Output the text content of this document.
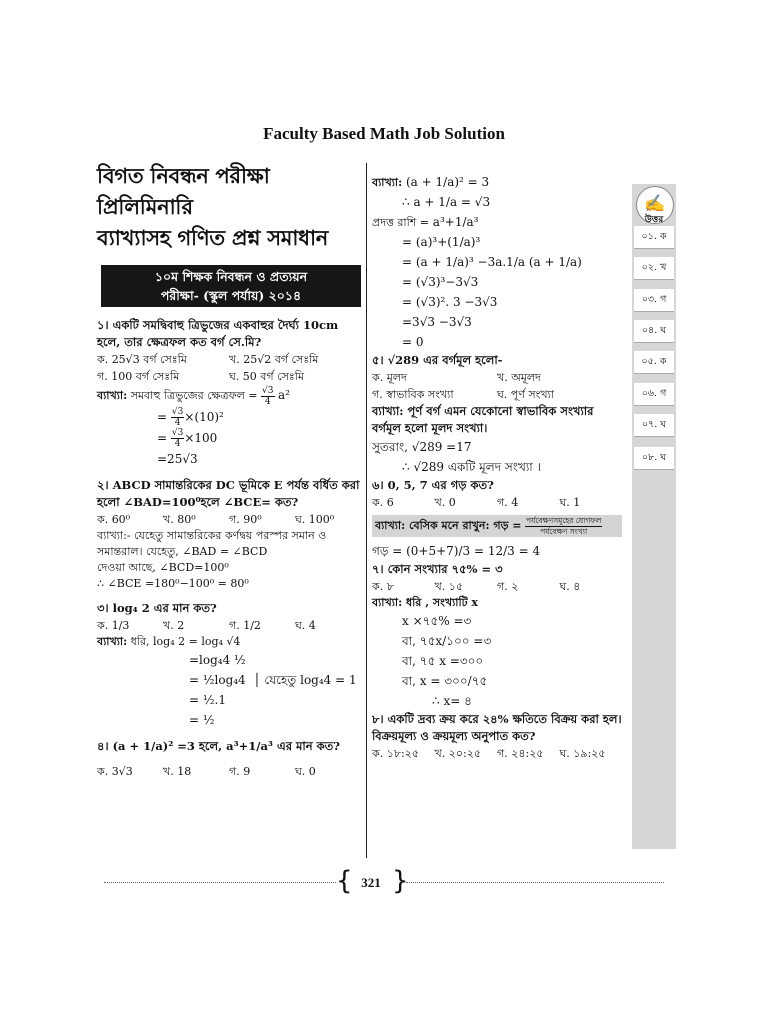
Faculty Based Math Job Solution
বিগত নিবন্ধন পরীক্ষা প্রিলিমিনারি
ব্যাখ্যাসহ গণিত প্রশ্ন সমাধান
১০ম শিক্ষক নিবন্ধন ও প্রত্যয়ন
পরীক্ষা- (স্কুল পর্যায়) ২০১৪
১। একটি সমদ্বিবাহু ত্রিভুজের একবাহুর দৈর্ঘ্য 10cm হলে, তার ক্ষেত্রফল কত বর্গ সে.মি?
ক. 25√3 বর্গ সেঃমি	খ. 25√2 বর্গ সেঃমি
গ. 100 বর্গ সেঃমি	ঘ. 50 বর্গ সেঃমি
ব্যাখ্যা: সমবাহু ত্রিভুজের ক্ষেত্রফল = $\frac{√3}{4} a^2$
= $\frac{√3}{4} \times(10)^2$
= $\frac{√3}{4} \times 100$
=25√3
২। ABCD সামান্তরিকের DC ভূমিকে E পর্যন্ত বর্ধিত করা হলো ∠BAD=100⁰হলে ∠BCE= কত?
ক. 60⁰	খ. 80⁰	গ. 90⁰	ঘ. 100⁰
ব্যাখ্যা:- যেহেতু সামান্তরিকের কর্ণদ্বয় পরস্পর সমান ও সমান্তরাল। যেহেতু, ∠BAD = ∠BCD
দেওয়া আছে, ∠BCD=100⁰
∴ ∠BCE =180⁰−100⁰ = 80⁰
৩। log₄ 2 এর মান কত?
ক. 1/3	খ. 2	গ. 1/2	ঘ. 4
ব্যাখ্যা: ধরি, log₄ 2 = log₄ √4
=log₄4 ½
= ½log₄4  │ যেহেতু log₄4 = 1
= ½.1
= ½
৪। (a + 1/a)² =3 হলে, a³+1/a³ এর মান কত?
ক. 3√3	খ. 18	গ. 9	ঘ. 0
ব্যাখ্যা: (a + 1/a)² = 3
∴ a + 1/a = √3
প্রদত্ত রাশি = a³+1/a³
= (a)³+(1/a)³
= (a + 1/a)³ −3a.1/a (a + 1/a)
= (√3)³−3√3
= (√3)². 3 −3√3
=3√3 −3√3
= 0
৫। √289 এর বর্গমূল হলো-
ক. মূলদ	খ. অমূলদ
গ. স্বাভাবিক সংখ্যা	ঘ. পূর্ণ সংখ্যা
ব্যাখ্যা: পূর্ণ বর্গ এমন যেকোনো স্বাভাবিক সংখ্যার বর্গমূল হলো মূলদ সংখ্যা।
সুতরাং, √289 =17
∴ √289 একটি মূলদ সংখ্যা ।
৬। 0, 5, 7 এর গড় কত?
ক. 6	খ. 0	গ. 4	ঘ. 1
ব্যাখ্যা: বেসিক মনে রাখুন: গড় = $\frac{\text{পর্যবেক্ষণসমূহের যোগফল}}{\text{পর্যবেক্ষণ সংখ্যা}}$
গড় = (0+5+7)/3 = 12/3 = 4
৭। কোন সংখ্যার ৭৫% = ৩
ক. ৮	খ. ১৫	গ. ২	ঘ. ৪
ব্যাখ্যা: ধরি , সংখ্যাটি x
x ×৭৫% =৩
বা, ৭৫x/১০০ =৩
বা, ৭৫ x =৩০০
বা, x = ৩০০/৭৫
∴ x= ৪
৮। একটি দ্রব্য ক্রয় করে ২৪% ক্ষতিতে বিক্রয় করা হল। বিক্রয়মূল্য ও ক্রয়মূল্য অনুপাত কত?
ক. ১৮:২৫	খ. ২০:২৫	গ. ২৪:২৫	ঘ. ১৯:২৫
✍
উত্তর
০১. ক
০২. খ
০৩. গ
০৪. ঘ
০৫. ক
০৬. গ
০৭. ঘ
০৮. ঘ
{ }
321
